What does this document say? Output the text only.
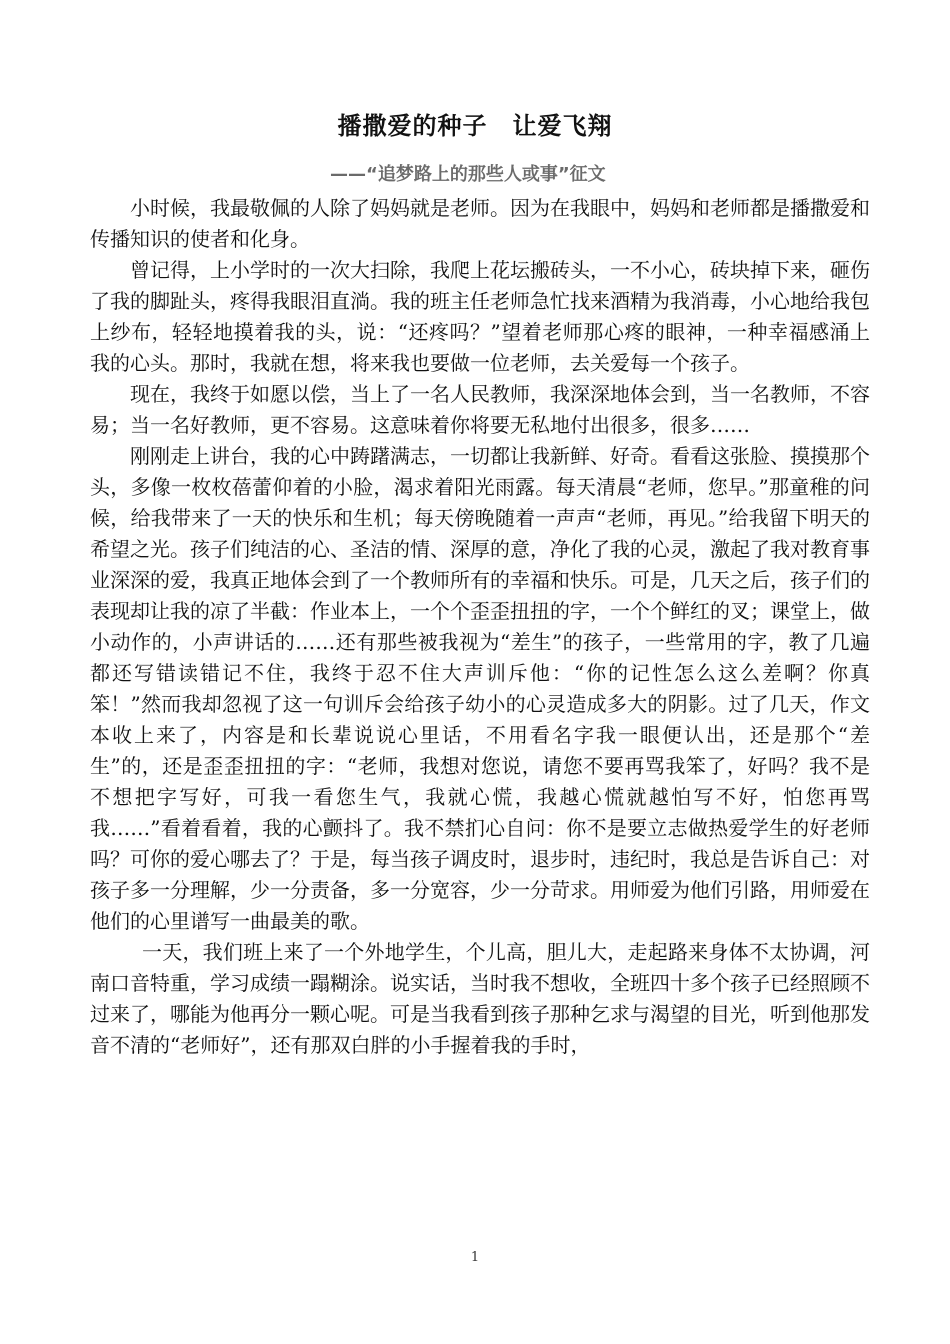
播撒爱的种子　让爱飞翔
——“追梦路上的那些人或事”征文

小时候，我最敬佩的人除了妈妈就是老师。因为在我眼中，妈妈和老师都是播撒爱和传播知识的使者和化身。

曾记得，上小学时的一次大扫除，我爬上花坛搬砖头，一不小心，砖块掉下来，砸伤了我的脚趾头，疼得我眼泪直淌。我的班主任老师急忙找来酒精为我消毒，小心地给我包上纱布，轻轻地摸着我的头，说：“还疼吗？”望着老师那心疼的眼神，一种幸福感涌上我的心头。那时，我就在想，将来我也要做一位老师，去关爱每一个孩子。

现在，我终于如愿以偿，当上了一名人民教师，我深深地体会到，当一名教师，不容易；当一名好教师，更不容易。这意味着你将要无私地付出很多，很多……

刚刚走上讲台，我的心中踌躇满志，一切都让我新鲜、好奇。看看这张脸、摸摸那个头，多像一枚枚蓓蕾仰着的小脸，渴求着阳光雨露。每天清晨“老师，您早。”那童稚的问候，给我带来了一天的快乐和生机；每天傍晚随着一声声“老师，再见。”给我留下明天的希望之光。孩子们纯洁的心、圣洁的情、深厚的意，净化了我的心灵，激起了我对教育事业深深的爱，我真正地体会到了一个教师所有的幸福和快乐。可是，几天之后，孩子们的表现却让我的凉了半截：作业本上，一个个歪歪扭扭的字，一个个鲜红的叉；课堂上，做小动作的，小声讲话的……还有那些被我视为“差生”的孩子，一些常用的字，教了几遍都还写错读错记不住，我终于忍不住大声训斥他：“你的记性怎么这么差啊？你真笨！”然而我却忽视了这一句训斥会给孩子幼小的心灵造成多大的阴影。过了几天，作文本收上来了，内容是和长辈说说心里话，不用看名字我一眼便认出，还是那个“差生”的，还是歪歪扭扭的字：“老师，我想对您说，请您不要再骂我笨了，好吗？我不是不想把字写好，可我一看您生气，我就心慌，我越心慌就越怕写不好，怕您再骂我……”看着看着，我的心颤抖了。我不禁扪心自问：你不是要立志做热爱学生的好老师吗？可你的爱心哪去了？于是，每当孩子调皮时，退步时，违纪时，我总是告诉自己：对孩子多一分理解，少一分责备，多一分宽容，少一分苛求。用师爱为他们引路，用师爱在他们的心里谱写一曲最美的歌。

一天，我们班上来了一个外地学生，个儿高，胆儿大，走起路来身体不太协调，河南口音特重，学习成绩一蹋糊涂。说实话，当时我不想收，全班四十多个孩子已经照顾不过来了，哪能为他再分一颗心呢。可是当我看到孩子那种乞求与渴望的目光，听到他那发音不清的“老师好”，还有那双白胖的小手握着我的手时，

1
